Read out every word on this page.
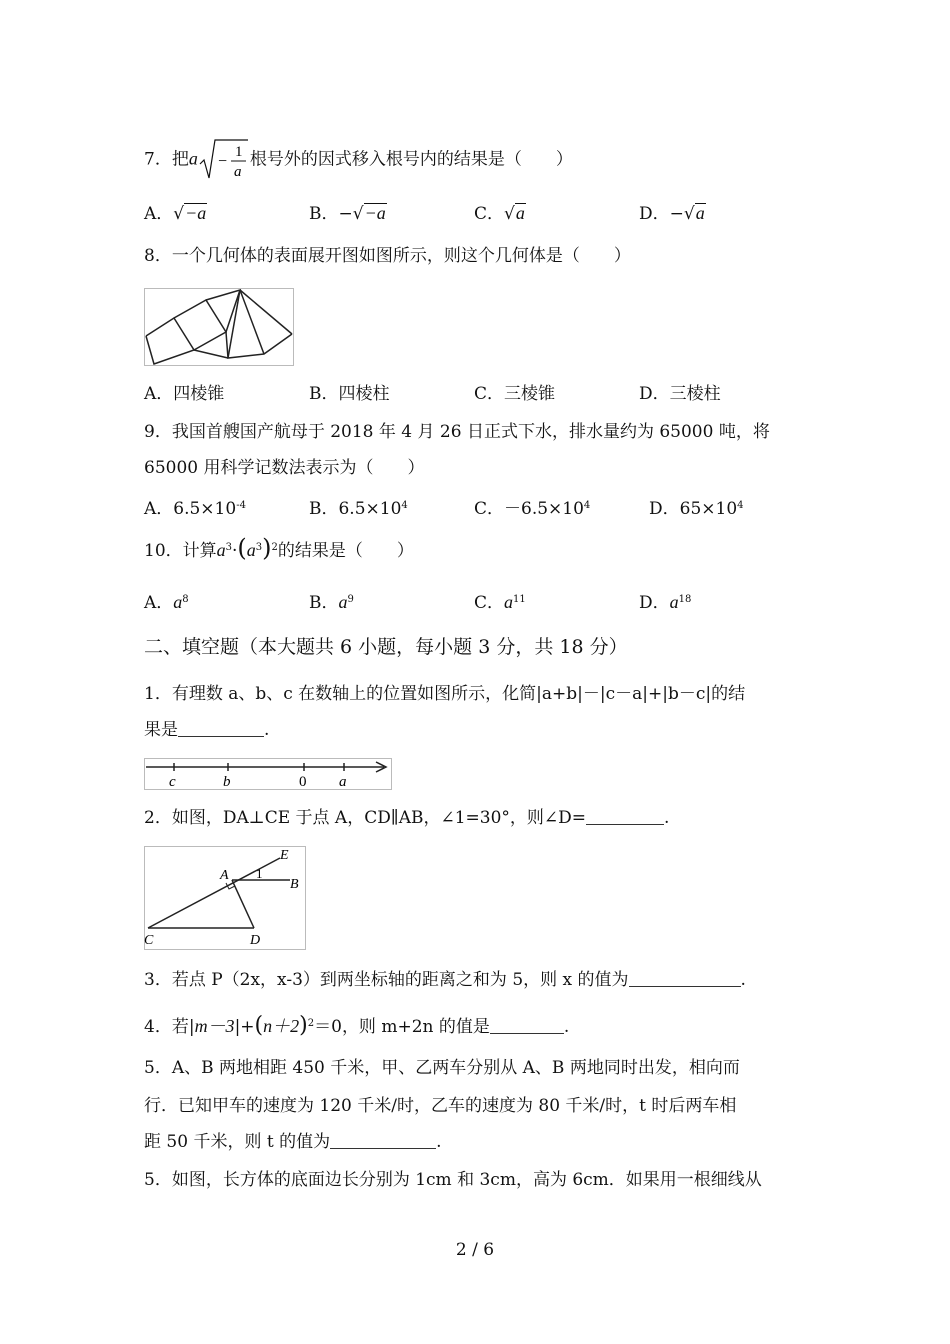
7．把a −
1
a
根号外的因式移入根号内的结果是（　　）
A．√−a	B．−√−a	C．√a	D．−√a
8．一个几何体的表面展开图如图所示，则这个几何体是（　　）
A．四棱锥	B．四棱柱	C．三棱锥	D．三棱柱
9．我国首艘国产航母于 2018 年 4 月 26 日正式下水，排水量约为 65000 吨，将
65000 用科学记数法表示为（　　）
A．$6.5\times 10^{-4}$	B．$6.5\times 10^4$	C．$-6.5\times 10^4$	D．$65\times 10^4$
10．计算$a^3\cdot(a^3)^2$的结果是（　　）
A．$a^8$	B．$a^9$	C．$a^{11}$	D．$a^{18}$
二、填空题（本大题共 6 小题，每小题 3 分，共 18 分）
1．有理数 a、b、c 在数轴上的位置如图所示，化简|a+b|－|c－a|+|b－c|的结
果是	.
c	b	0 a
2．如图，DA⊥CE 于点 A，CD∥AB，∠1=30°，则∠D=	.
E
A 1
B
C	D
3．若点 P（2x，x-3）到两坐标轴的距离之和为 5，则 x 的值为	.
4．若$|m-3|+(n+2)^2=0$，则 m+2n 的值是	.
5．A、B 两地相距 450 千米，甲、乙两车分别从 A、B 两地同时出发，相向而
行．已知甲车的速度为 120 千米/时，乙车的速度为 80 千米/时，t 时后两车相
距 50 千米，则 t 的值为	.
5．如图，长方体的底面边长分别为 1cm 和 3cm，高为 6cm．如果用一根细线从
2 / 6
